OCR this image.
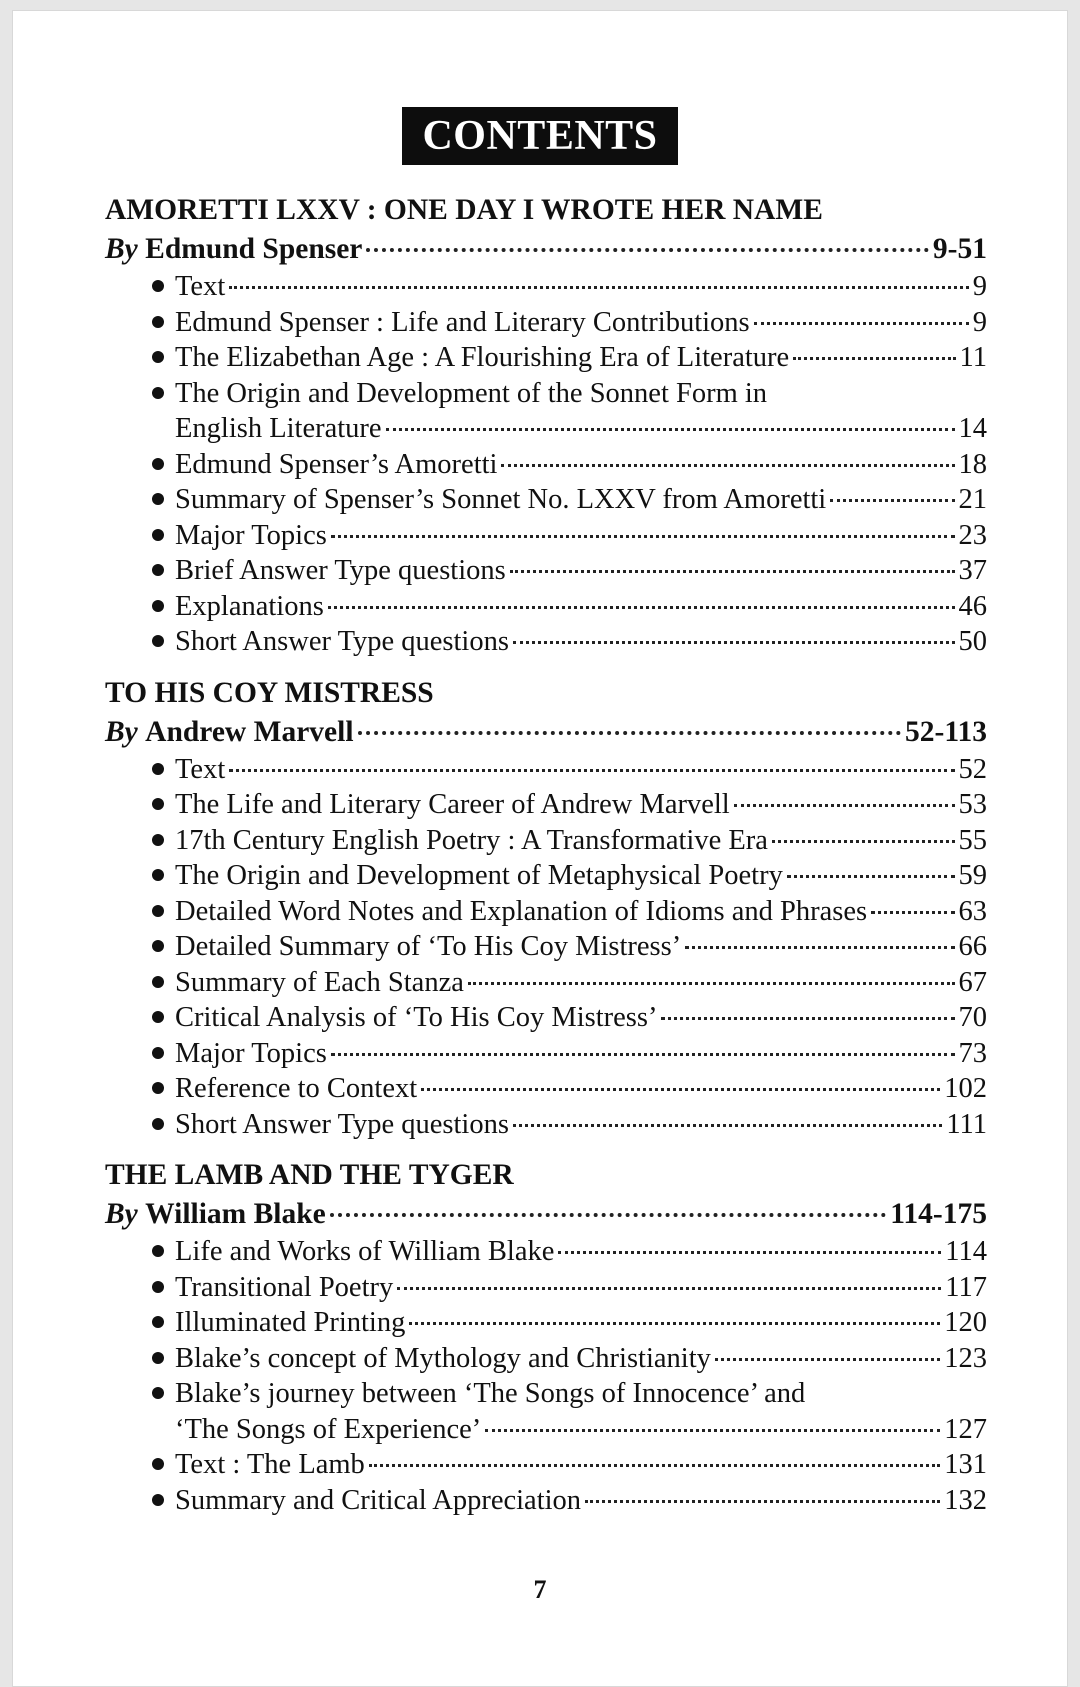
CONTENTS
AMORETTI LXXV : ONE DAY I WROTE HER NAME
By
Edmund Spenser	9-51
Text	9
Edmund Spenser : Life and Literary Contributions	9
The Elizabethan Age : A Flourishing Era of Literature	11
The Origin and Development of the Sonnet Form in
English Literature	14
Edmund Spenser’s Amoretti	18
Summary of Spenser’s Sonnet No. LXXV from Amoretti	21
Major Topics	23
Brief Answer Type questions	37
Explanations	46
Short Answer Type questions	50
TO HIS COY MISTRESS
By
Andrew Marvell	52-113
Text	52
The Life and Literary Career of Andrew Marvell	53
17th Century English Poetry : A Transformative Era	55
The Origin and Development of Metaphysical Poetry	59
Detailed Word Notes and Explanation of Idioms and Phrases	63
Detailed Summary of ‘To His Coy Mistress’	66
Summary of Each Stanza	67
Critical Analysis of ‘To His Coy Mistress’	70
Major Topics	73
Reference to Context	102
Short Answer Type questions	111
THE LAMB AND THE TYGER
By
William Blake	114-175
Life and Works of William Blake	114
Transitional Poetry	117
Illuminated Printing	120
Blake’s concept of Mythology and Christianity	123
Blake’s journey between ‘The Songs of Innocence’ and
‘The Songs of Experience’	127
Text : The Lamb	131
Summary and Critical Appreciation	132
7
